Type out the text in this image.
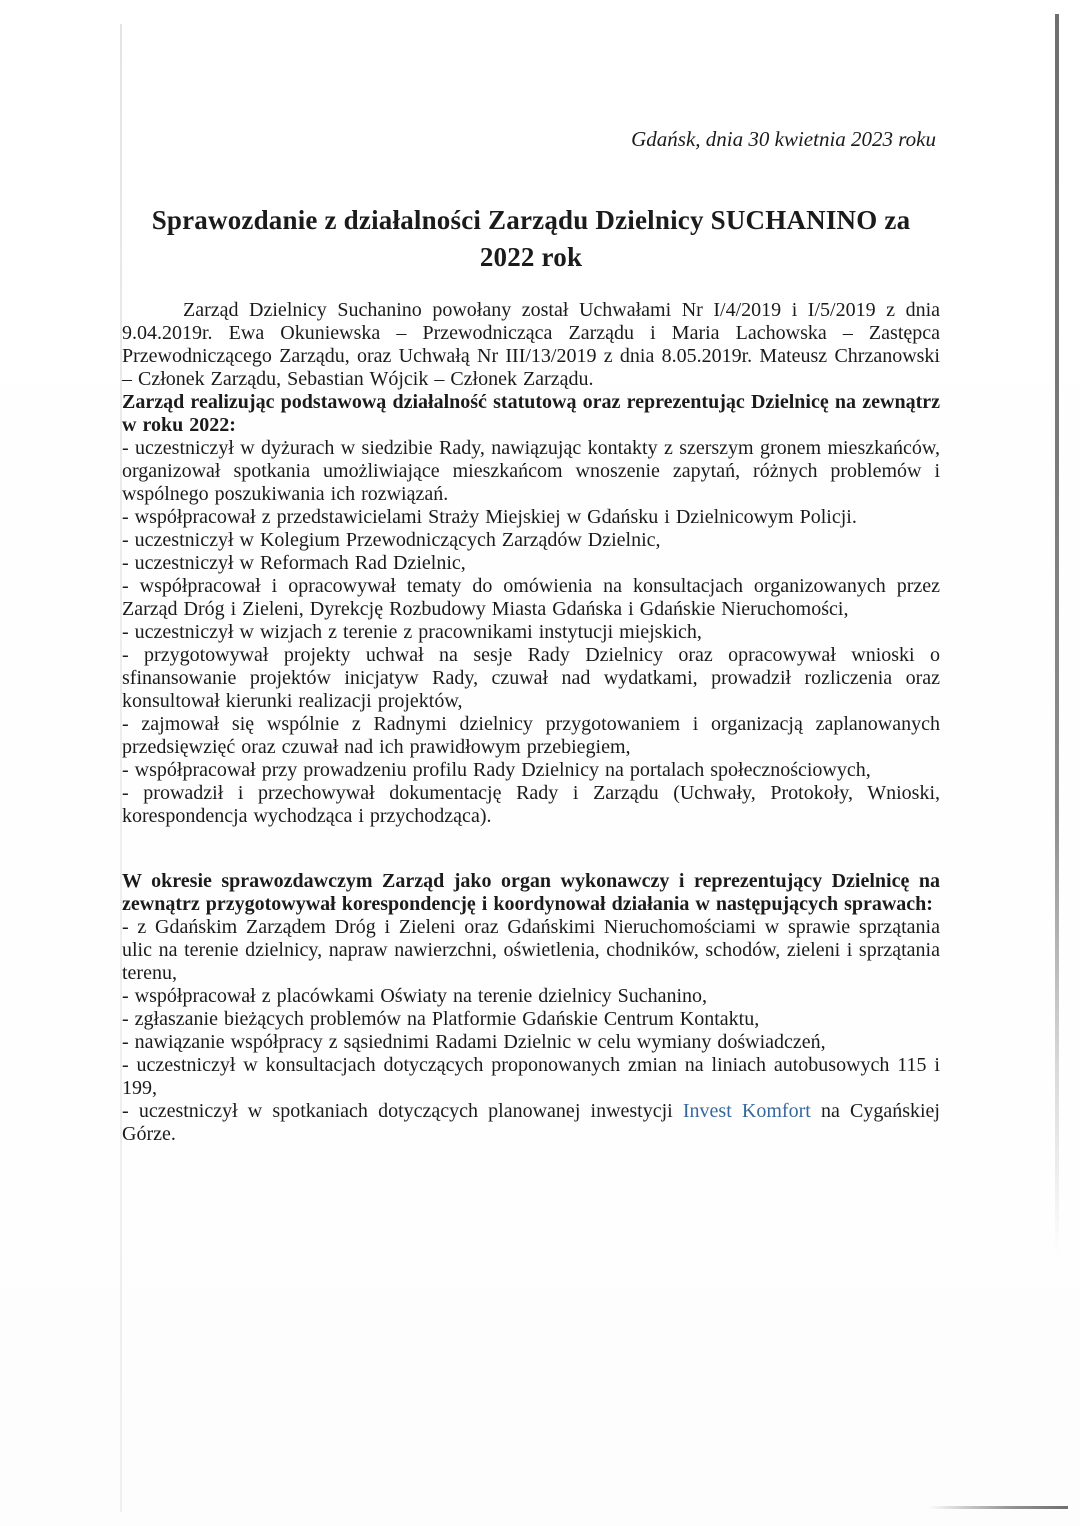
Gdańsk, dnia 30 kwietnia 2023 roku

Sprawozdanie z działalności Zarządu Dzielnicy SUCHANINO za 2022 rok

Zarząd Dzielnicy Suchanino powołany został Uchwałami Nr I/4/2019 i I/5/2019 z dnia 9.04.2019r. Ewa Okuniewska – Przewodnicząca Zarządu i Maria Lachowska – Zastępca Przewodniczącego Zarządu, oraz Uchwałą Nr III/13/2019 z dnia 8.05.2019r. Mateusz Chrzanowski – Członek Zarządu, Sebastian Wójcik – Członek Zarządu.

Zarząd realizując podstawową działalność statutową oraz reprezentując Dzielnicę na zewnątrz w roku 2022:

- uczestniczył w dyżurach w siedzibie Rady, nawiązując kontakty z szerszym gronem mieszkańców, organizował spotkania umożliwiające mieszkańcom wnoszenie zapytań, różnych problemów i wspólnego poszukiwania ich rozwiązań.

- współpracował z przedstawicielami Straży Miejskiej w Gdańsku i Dzielnicowym Policji.

- uczestniczył w Kolegium Przewodniczących Zarządów Dzielnic,

- uczestniczył w Reformach Rad Dzielnic,

- współpracował i opracowywał tematy do omówienia na konsultacjach organizowanych przez Zarząd Dróg i Zieleni, Dyrekcję Rozbudowy Miasta Gdańska i Gdańskie Nieruchomości,

- uczestniczył w wizjach z terenie z pracownikami instytucji miejskich,

- przygotowywał projekty uchwał na sesje Rady Dzielnicy oraz opracowywał wnioski o sfinansowanie projektów inicjatyw Rady, czuwał nad wydatkami, prowadził rozliczenia oraz konsultował kierunki realizacji projektów,

- zajmował się wspólnie z Radnymi dzielnicy przygotowaniem i organizacją zaplanowanych przedsięwzięć oraz czuwał nad ich prawidłowym przebiegiem,

- współpracował przy prowadzeniu profilu Rady Dzielnicy na portalach społecznościowych,

- prowadził i przechowywał dokumentację Rady i Zarządu (Uchwały, Protokoły, Wnioski, korespondencja wychodząca i przychodząca).

W okresie sprawozdawczym Zarząd jako organ wykonawczy i reprezentujący Dzielnicę na zewnątrz przygotowywał korespondencję i koordynował działania w następujących sprawach:

- z Gdańskim Zarządem Dróg i Zieleni oraz Gdańskimi Nieruchomościami w sprawie sprzątania ulic na terenie dzielnicy, napraw nawierzchni, oświetlenia, chodników, schodów, zieleni i sprzątania terenu,

- współpracował z placówkami Oświaty na terenie dzielnicy Suchanino,

- zgłaszanie bieżących problemów na Platformie Gdańskie Centrum Kontaktu,

- nawiązanie współpracy z sąsiednimi Radami Dzielnic w celu wymiany doświadczeń,

- uczestniczył w konsultacjach dotyczących proponowanych zmian na liniach autobusowych 115 i 199,

- uczestniczył w spotkaniach dotyczących planowanej inwestycji Invest Komfort na Cygańskiej Górze.
